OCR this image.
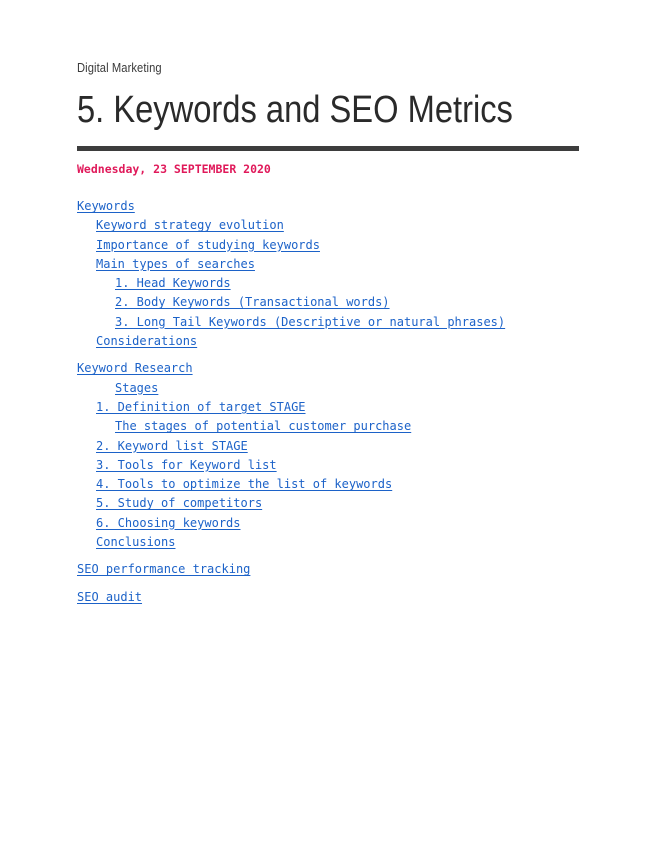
Digital Marketing
5. Keywords and SEO Metrics
Wednesday, 23 SEPTEMBER 2020
Keywords
Keyword strategy evolution
Importance of studying keywords
Main types of searches
1. Head Keywords
2. Body Keywords (Transactional words)
3. Long Tail Keywords (Descriptive or natural phrases)
Considerations
Keyword Research
Stages
1. Definition of target STAGE
The stages of potential customer purchase
2. Keyword list STAGE
3. Tools for Keyword list
4. Tools to optimize the list of keywords
5. Study of competitors
6. Choosing keywords
Conclusions
SEO performance tracking
SEO audit
